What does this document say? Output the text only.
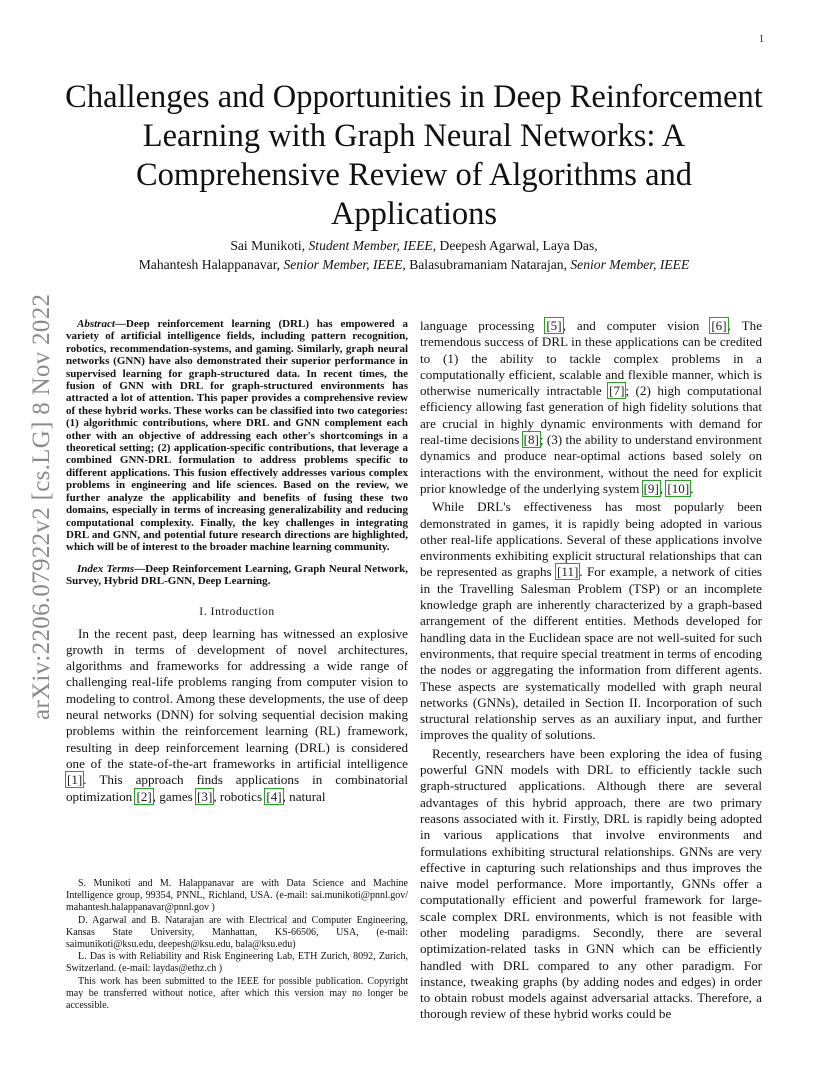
1
arXiv:2206.07922v2 [cs.LG] 8 Nov 2022
Challenges and Opportunities in Deep Reinforcement Learning with Graph Neural Networks: A Comprehensive Review of Algorithms and Applications
Sai Munikoti, Student Member, IEEE, Deepesh Agarwal, Laya Das,
Mahantesh Halappanavar, Senior Member, IEEE, Balasubramaniam Natarajan, Senior Member, IEEE

Abstract—Deep reinforcement learning (DRL) has empowered a variety of artificial intelligence fields, including pattern recognition, robotics, recommendation-systems, and gaming. Similarly, graph neural networks (GNN) have also demonstrated their superior performance in supervised learning for graph-structured data. In recent times, the fusion of GNN with DRL for graph-structured environments has attracted a lot of attention. This paper provides a comprehensive review of these hybrid works. These works can be classified into two categories: (1) algorithmic contributions, where DRL and GNN complement each other with an objective of addressing each other's shortcomings in a theoretical setting; (2) application-specific contributions, that leverage a combined GNN-DRL formulation to address problems specific to different applications. This fusion effectively addresses various complex problems in engineering and life sciences. Based on the review, we further analyze the applicability and benefits of fusing these two domains, especially in terms of increasing generalizability and reducing computational complexity. Finally, the key challenges in integrating DRL and GNN, and potential future research directions are highlighted, which will be of interest to the broader machine learning community.

Index Terms—Deep Reinforcement Learning, Graph Neural Network, Survey, Hybrid DRL-GNN, Deep Learning.

I. Introduction

In the recent past, deep learning has witnessed an explosive growth in terms of development of novel architectures, algorithms and frameworks for addressing a wide range of challenging real-life problems ranging from computer vision to modeling to control. Among these developments, the use of deep neural networks (DNN) for solving sequential decision making problems within the reinforcement learning (RL) framework, resulting in deep reinforcement learning (DRL) is considered one of the state-of-the-art frameworks in artificial intelligence [1]. This approach finds applications in combinatorial optimization [2], games [3], robotics [4], natural

language processing [5], and computer vision [6]. The tremendous success of DRL in these applications can be credited to (1) the ability to tackle complex problems in a computationally efficient, scalable and flexible manner, which is otherwise numerically intractable [7]; (2) high computational efficiency allowing fast generation of high fidelity solutions that are crucial in highly dynamic environments with demand for real-time decisions [8]; (3) the ability to understand environment dynamics and produce near-optimal actions based solely on interactions with the environment, without the need for explicit prior knowledge of the underlying system [9], [10].

While DRL's effectiveness has most popularly been demonstrated in games, it is rapidly being adopted in various other real-life applications. Several of these applications involve environments exhibiting explicit structural relationships that can be represented as graphs [11]. For example, a network of cities in the Travelling Salesman Problem (TSP) or an incomplete knowledge graph are inherently characterized by a graph-based arrangement of the different entities. Methods developed for handling data in the Euclidean space are not well-suited for such environments, that require special treatment in terms of encoding the nodes or aggregating the information from different agents. These aspects are systematically modelled with graph neural networks (GNNs), detailed in Section II. Incorporation of such structural relationship serves as an auxiliary input, and further improves the quality of solutions.

Recently, researchers have been exploring the idea of fusing powerful GNN models with DRL to efficiently tackle such graph-structured applications. Although there are several advantages of this hybrid approach, there are two primary reasons associated with it. Firstly, DRL is rapidly being adopted in various applications that involve environments and formulations exhibiting structural relationships. GNNs are very effective in capturing such relationships and thus improves the naive model performance. More importantly, GNNs offer a computationally efficient and powerful framework for large-scale complex DRL environments, which is not feasible with other modeling paradigms. Secondly, there are several optimization-related tasks in GNN which can be efficiently handled with DRL compared to any other paradigm. For instance, tweaking graphs (by adding nodes and edges) in order to obtain robust models against adversarial attacks. Therefore, a thorough review of these hybrid works could be

S. Munikoti and M. Halappanavar are with Data Science and Machine Intelligence group, 99354, PNNL, Richland, USA. (e-mail: sai.munikoti@pnnl.gov/ mahantesh.halappanavar@pnnl.gov )

D. Agarwal and B. Natarajan are with Electrical and Computer Engineering, Kansas State University, Manhattan, KS-66506, USA, (e-mail: saimunikoti@ksu.edu, deepesh@ksu.edu, bala@ksu.edu)

L. Das is with Reliability and Risk Engineering Lab, ETH Zurich, 8092, Zurich, Switzerland. (e-mail: laydas@ethz.ch )

This work has been submitted to the IEEE for possible publication. Copyright may be transferred without notice, after which this version may no longer be accessible.
